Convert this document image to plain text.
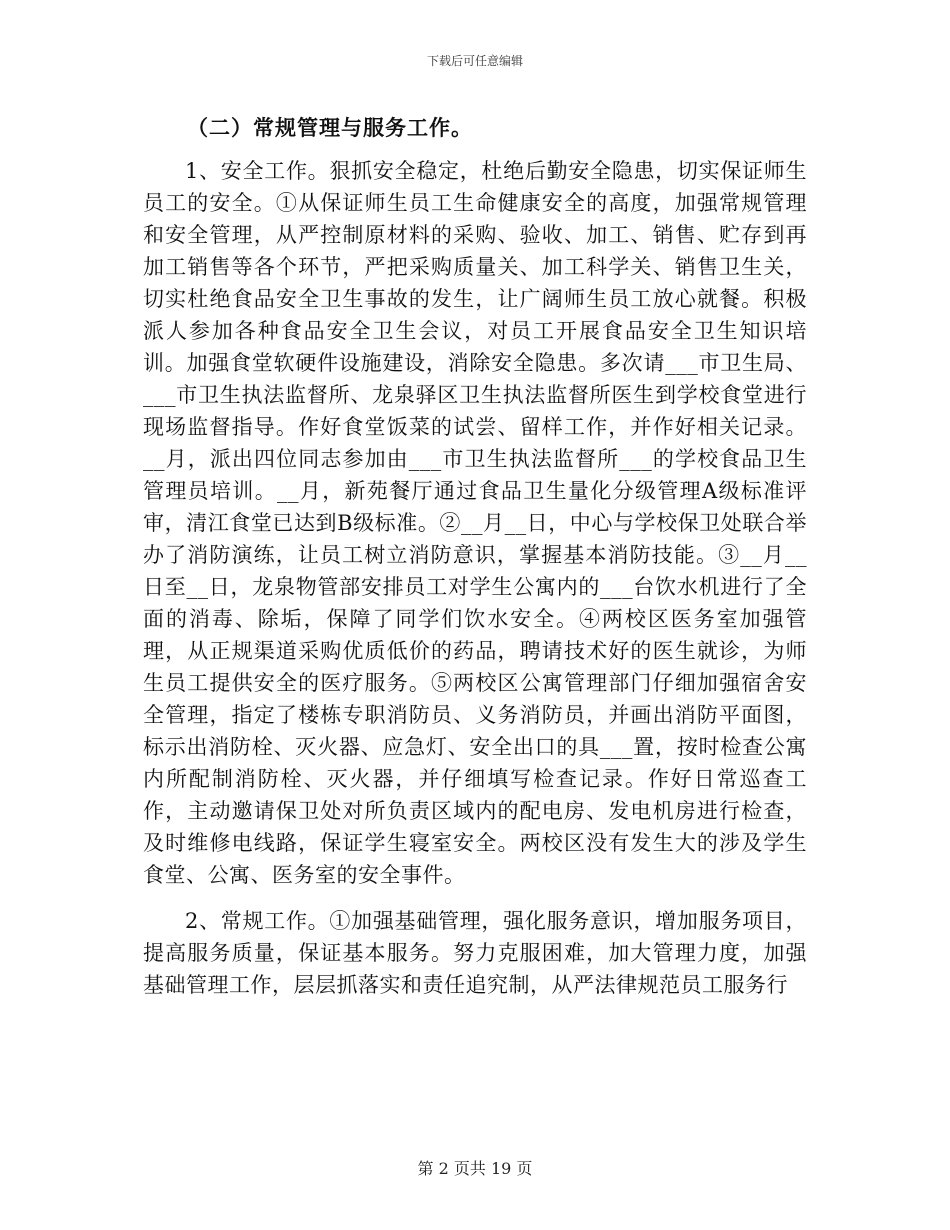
下载后可任意编辑

（二）常规管理与服务工作。

1、安全工作。狠抓安全稳定，杜绝后勤安全隐患，切实保证师生员工的安全。①从保证师生员工生命健康安全的高度，加强常规管理和安全管理，从严控制原材料的采购、验收、加工、销售、贮存到再加工销售等各个环节，严把采购质量关、加工科学关、销售卫生关，切实杜绝食品安全卫生事故的发生，让广阔师生员工放心就餐。积极派人参加各种食品安全卫生会议，对员工开展食品安全卫生知识培训。加强食堂软硬件设施建设，消除安全隐患。多次请___市卫生局、___市卫生执法监督所、龙泉驿区卫生执法监督所医生到学校食堂进行现场监督指导。作好食堂饭菜的试尝、留样工作，并作好相关记录。__月，派出四位同志参加由___市卫生执法监督所___的学校食品卫生管理员培训。__月，新苑餐厅通过食品卫生量化分级管理A级标准评审，清江食堂已达到B级标准。②__月__日，中心与学校保卫处联合举办了消防演练，让员工树立消防意识，掌握基本消防技能。③__月__日至__日，龙泉物管部安排员工对学生公寓内的___台饮水机进行了全面的消毒、除垢，保障了同学们饮水安全。④两校区医务室加强管理，从正规渠道采购优质低价的药品，聘请技术好的医生就诊，为师生员工提供安全的医疗服务。⑤两校区公寓管理部门仔细加强宿舍安全管理，指定了楼栋专职消防员、义务消防员，并画出消防平面图，标示出消防栓、灭火器、应急灯、安全出口的具___置，按时检查公寓内所配制消防栓、灭火器，并仔细填写检查记录。作好日常巡查工作，主动邀请保卫处对所负责区域内的配电房、发电机房进行检查，及时维修电线路，保证学生寝室安全。两校区没有发生大的涉及学生食堂、公寓、医务室的安全事件。

2、常规工作。①加强基础管理，强化服务意识，增加服务项目，提高服务质量，保证基本服务。努力克服困难，加大管理力度，加强基础管理工作，层层抓落实和责任追究制，从严法律规范员工服务行

第 2 页共 19 页
